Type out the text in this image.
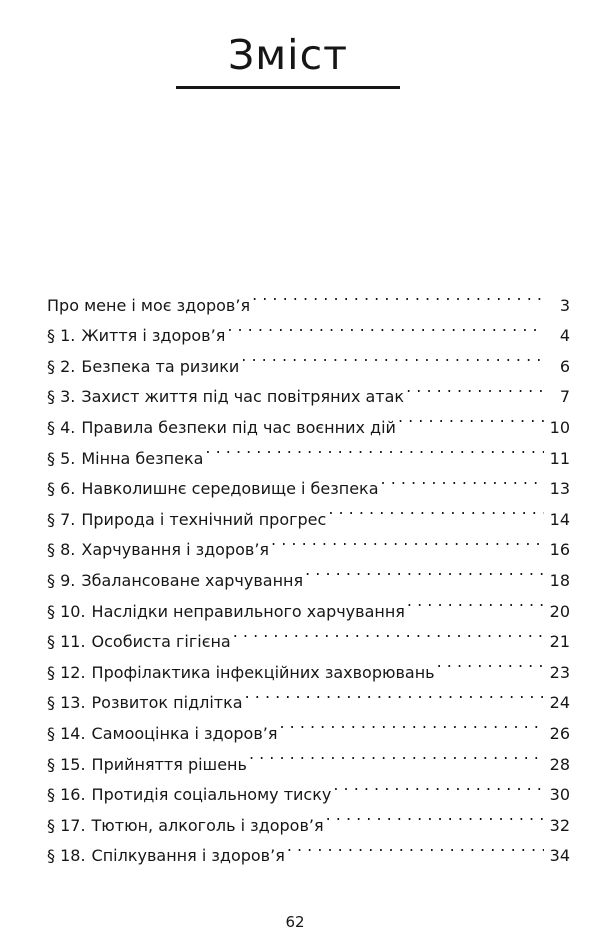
Зміст
Про мене і моє здоров’я . . .	3
§ 1. Життя і здоров’я . . .	4
§ 2. Безпека та ризики . . .	6
§ 3. Захист життя під час повітряних атак . . .	7
§ 4. Правила безпеки під час воєнних дій . . .	10
§ 5. Мінна безпека . . .	11
§ 6. Навколишнє середовище і безпека . . .	13
§ 7. Природа і технічний прогрес . . .	14
§ 8. Харчування і здоров’я . . .	16
§ 9. Збалансоване харчування . . .	18
§ 10. Наслідки неправильного харчування . . .	20
§ 11. Особиста гігієна . . .	21
§ 12. Профілактика інфекційних захворювань . . .	23
§ 13. Розвиток підлітка . . .	24
§ 14. Самооцінка і здоров’я . . .	26
§ 15. Прийняття рішень . . .	28
§ 16. Протидія соціальному тиску . . .	30
§ 17. Тютюн, алкоголь і здоров’я . . .	32
§ 18. Спілкування і здоров’я . . .	34
62
